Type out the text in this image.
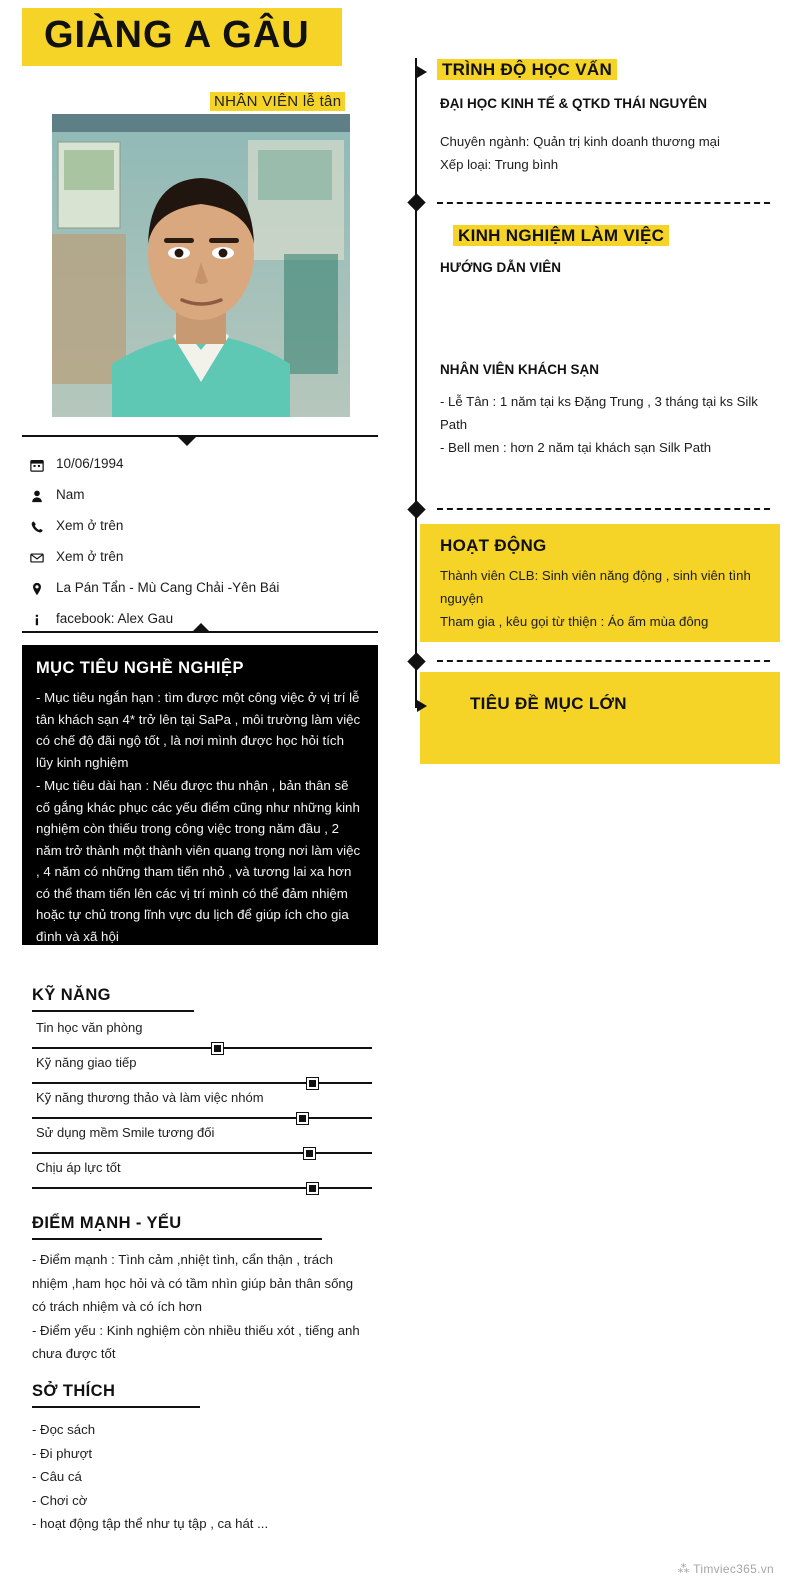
GIÀNG A GÂU
NHÂN VIÊN lễ tân
10/06/1994
Nam
Xem ở trên
Xem ở trên
La Pán Tẩn - Mù Cang Chải -Yên Bái
facebook: Alex Gau
MỤC TIÊU NGHỀ NGHIỆP

- Mục tiêu ngắn hạn : tìm được một công việc ở vị trí lễ tân khách sạn 4* trở lên tại SaPa , môi trường làm việc có chế độ đãi ngộ tốt , là nơi mình được học hỏi tích lũy kinh nghiệm

- Mục tiêu dài hạn : Nếu được thu nhận , bản thân sẽ cố gắng khác phục các yếu điểm cũng như những kinh nghiệm còn thiếu trong công việc trong năm đầu , 2 năm trở thành một thành viên quang trọng nơi làm việc , 4 năm có những tham tiến nhỏ , và tương lai xa hơn có thể tham tiến lên các vị trí mình có thể đảm nhiệm hoặc tự chủ trong lĩnh vực du lịch để giúp ích cho gia đình và xã hội

KỸ NĂNG
Tin học văn phòng
Kỹ năng giao tiếp
Kỹ năng thương thảo và làm việc nhóm
Sử dụng mềm Smile tương đối
Chịu áp lực tốt
ĐIỂM MẠNH - YẾU

- Điểm mạnh : Tình cảm ,nhiệt tình, cẩn thận , trách nhiệm ,ham học hỏi và có tầm nhìn giúp bản thân sống có trách nhiệm và có ích hơn

- Điểm yếu : Kinh nghiệm còn nhiều thiếu xót , tiếng anh chưa được tốt

SỞ THÍCH

- Đọc sách

- Đi phượt

- Câu cá

- Chơi cờ

- hoạt động tập thể như tụ tập , ca hát ...

TRÌNH ĐỘ HỌC VẤN
ĐẠI HỌC KINH TẾ & QTKD THÁI NGUYÊN

Chuyên ngành: Quản trị kinh doanh thương mại

Xếp loại: Trung bình

KINH NGHIỆM LÀM VIỆC
HƯỚNG DẪN VIÊN
NHÂN VIÊN KHÁCH SẠN

- Lễ Tân : 1 năm tại ks Đặng Trung , 3 tháng tại ks Silk Path

- Bell men : hơn 2 năm tại khách sạn Silk Path

HOẠT ĐỘNG

Thành viên CLB: Sinh viên năng động , sinh viên tình nguyện

Tham gia , kêu gọi từ thiện : Áo ấm mùa đông

TIÊU ĐỀ MỤC LỚN
⁂ Timviec365.vn
